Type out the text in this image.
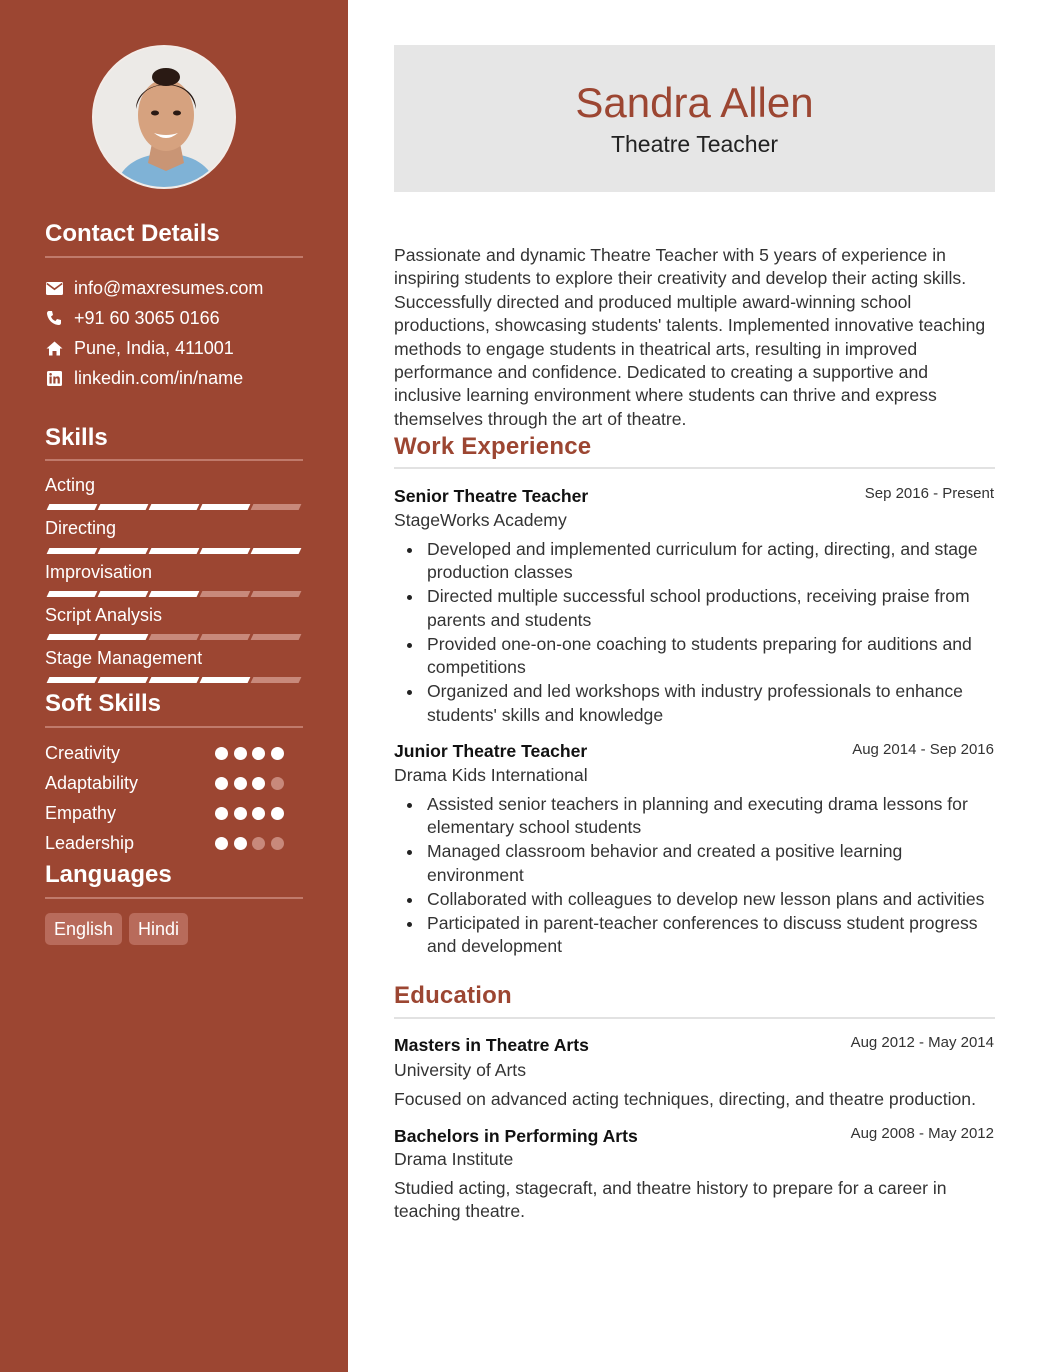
Contact Details
info@maxresumes.com
+91 60 3065 0166
Pune, India, 411001
linkedin.com/in/name
Skills
Acting
Directing
Improvisation
Script Analysis
Stage Management
Soft Skills
Creativity
Adaptability
Empathy
Leadership
Languages
English	Hindi
Sandra Allen
Theatre Teacher

Passionate and dynamic Theatre Teacher with 5 years of experience in inspiring students to explore their creativity and develop their acting skills. Successfully directed and produced multiple award-winning school productions, showcasing students' talents. Implemented innovative teaching methods to engage students in theatrical arts, resulting in improved performance and confidence. Dedicated to creating a supportive and inclusive learning environment where students can thrive and express themselves through the art of theatre.

Work Experience
Senior Theatre Teacher	Sep 2016 - Present
StageWorks Academy
Developed and implemented curriculum for acting, directing, and stage production classes
Directed multiple successful school productions, receiving praise from parents and students
Provided one-on-one coaching to students preparing for auditions and competitions
Organized and led workshops with industry professionals to enhance students' skills and knowledge
Junior Theatre Teacher	Aug 2014 - Sep 2016
Drama Kids International
Assisted senior teachers in planning and executing drama lessons for elementary school students
Managed classroom behavior and created a positive learning environment
Collaborated with colleagues to develop new lesson plans and activities
Participated in parent-teacher conferences to discuss student progress and development
Education
Masters in Theatre Arts	Aug 2012 - May 2014
University of Arts
Focused on advanced acting techniques, directing, and theatre production.
Bachelors in Performing Arts	Aug 2008 - May 2012
Drama Institute
Studied acting, stagecraft, and theatre history to prepare for a career in teaching theatre.
